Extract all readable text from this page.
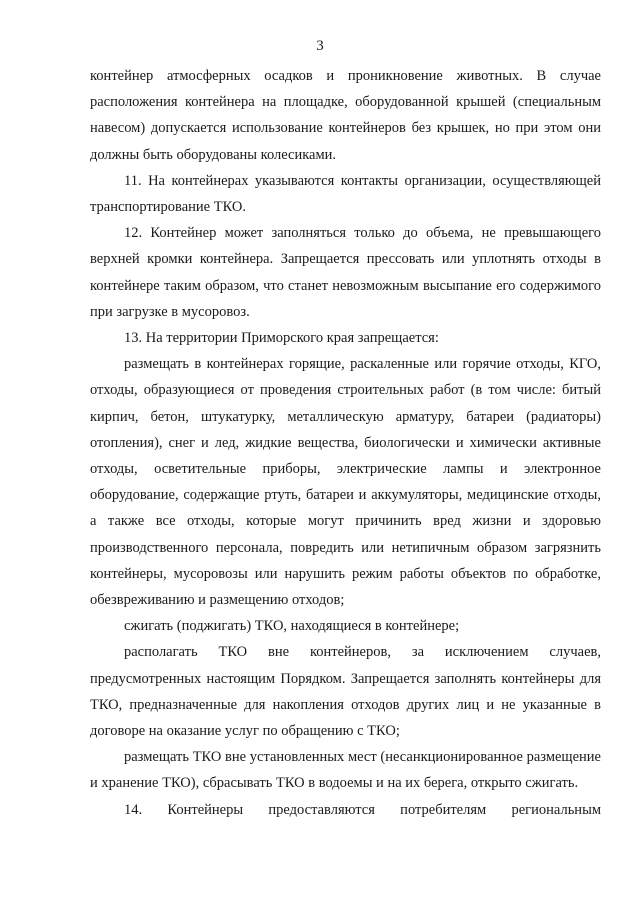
3

контейнер атмосферных осадков и проникновение животных. В случае расположения контейнера на площадке, оборудованной крышей (специальным навесом) допускается использование контейнеров без крышек, но при этом они должны быть оборудованы колесиками.

11. На контейнерах указываются контакты организации, осуществляющей транспортирование ТКО.

12. Контейнер может заполняться только до объема, не превышающего верхней кромки контейнера. Запрещается прессовать или уплотнять отходы в контейнере таким образом, что станет невозможным высыпание его содержимого при загрузке в мусоровоз.

13. На территории Приморского края запрещается:

размещать в контейнерах горящие, раскаленные или горячие отходы, КГО, отходы, образующиеся от проведения строительных работ (в том числе: битый кирпич, бетон, штукатурку, металлическую арматуру, батареи (радиаторы) отопления), снег и лед, жидкие вещества, биологически и химически активные отходы, осветительные приборы, электрические лампы и электронное оборудование, содержащие ртуть, батареи и аккумуляторы, медицинские отходы, а также все отходы, которые могут причинить вред жизни и здоровью производственного персонала, повредить или нетипичным образом загрязнить контейнеры, мусоровозы или нарушить режим работы объектов по обработке, обезвреживанию и размещению отходов;

сжигать (поджигать) ТКО, находящиеся в контейнере;

располагать ТКО вне контейнеров, за исключением случаев, предусмотренных настоящим Порядком. Запрещается заполнять контейнеры для ТКО, предназначенные для накопления отходов других лиц и не указанные в договоре на оказание услуг по обращению с ТКО;

размещать ТКО вне установленных мест (несанкционированное размещение и хранение ТКО), сбрасывать ТКО в водоемы и на их берега, открыто сжигать.

14. Контейнеры предоставляются потребителям региональным
